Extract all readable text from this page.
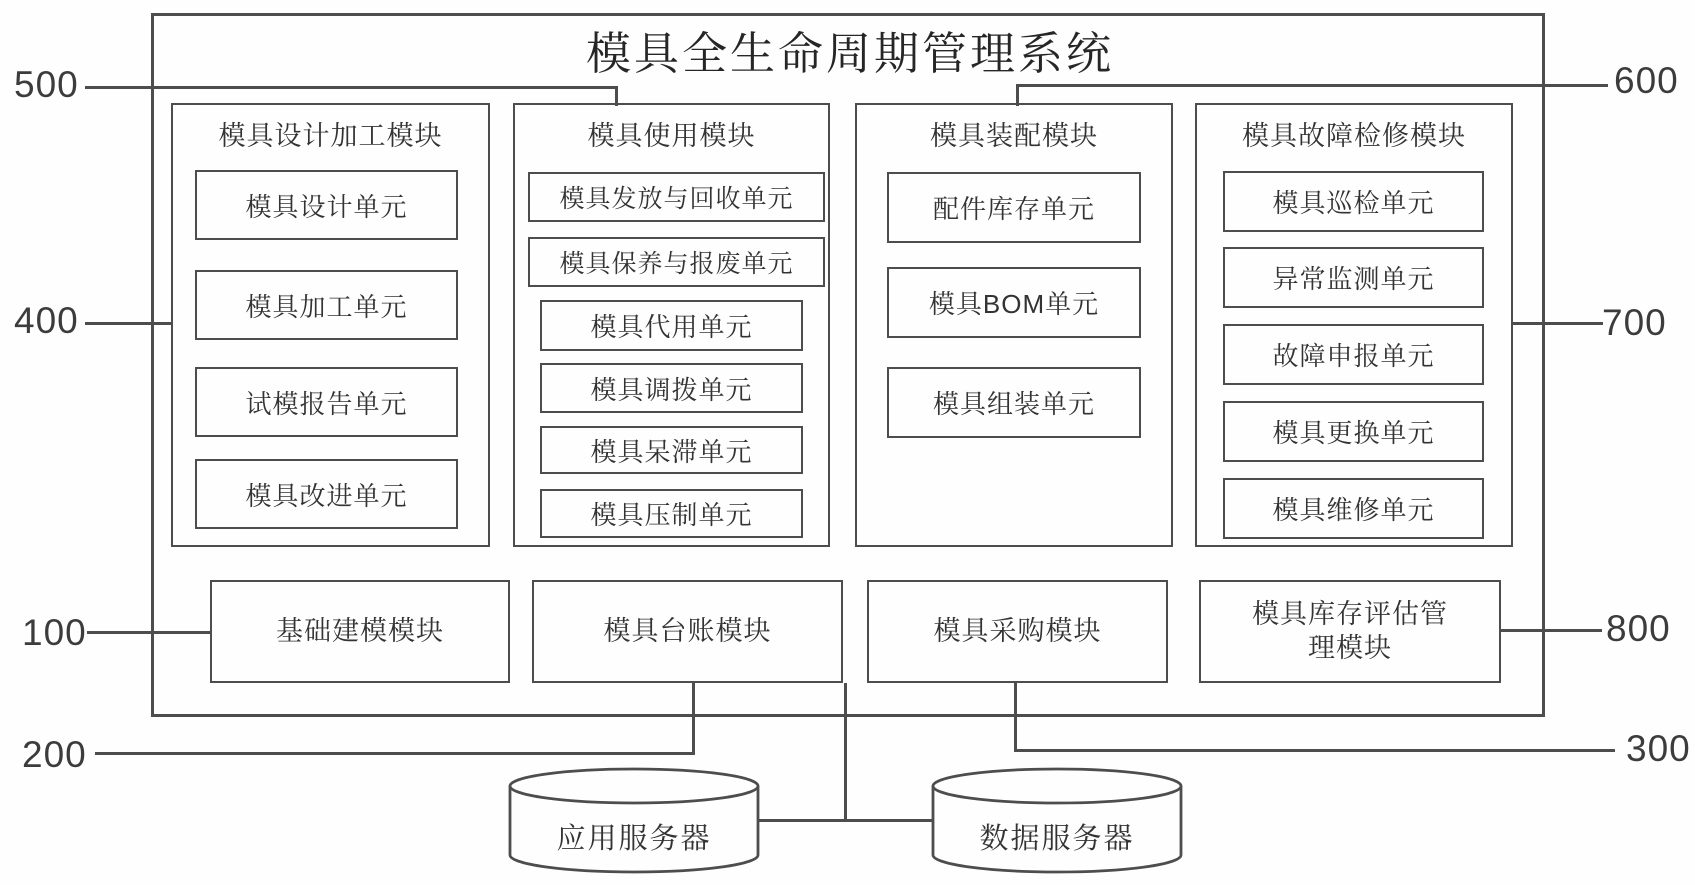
模具全生命周期管理系统
模具设计加工模块
模具设计单元
模具加工单元
试模报告单元
模具改进单元
模具使用模块
模具发放与回收单元
模具保养与报废单元
模具代用单元
模具调拨单元
模具呆滞单元
模具压制单元
模具装配模块
配件库存单元
模具BOM单元
模具组装单元
模具故障检修模块
模具巡检单元
异常监测单元
故障申报单元
模具更换单元
模具维修单元
基础建模模块	模具台账模块	模具采购模块
模具库存评估管理模块
500
400
100
200
600
700
800
300
应用服务器	数据服务器
